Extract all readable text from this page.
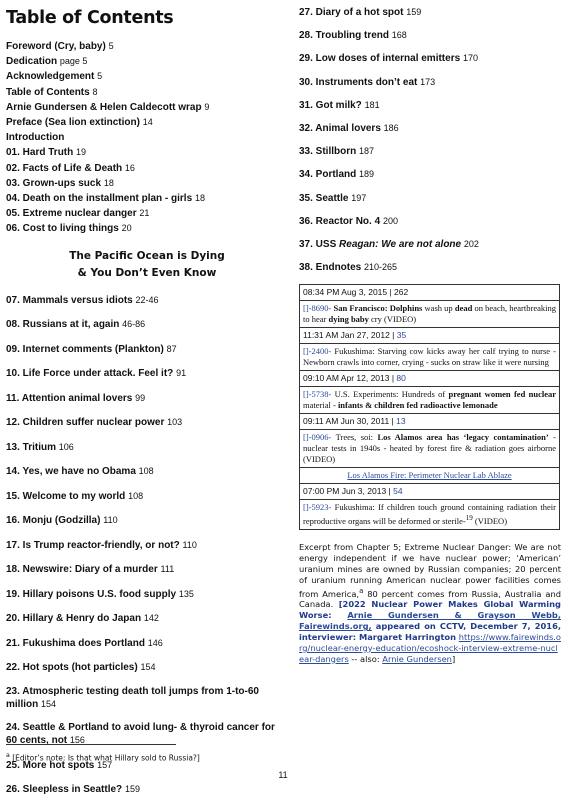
Table of Contents
Foreword (Cry, baby) 5
Dedication page 5
Acknowledgement 5
Table of Contents 8
Arnie Gundersen & Helen Caldecott wrap 9
Preface (Sea lion extinction) 14
Introduction
01. Hard Truth 19
02. Facts of Life & Death 16
03. Grown-ups suck 18
04. Death on the installment plan - girls 18
05. Extreme nuclear danger 21
06. Cost to living things 20
The Pacific Ocean is Dying
& You Don’t Even Know
07. Mammals versus idiots 22-46
08. Russians at it, again 46-86
09. Internet comments (Plankton) 87
10. Life Force under attack. Feel it? 91
11. Attention animal lovers 99
12. Children suffer nuclear power 103
13. Tritium 106
14. Yes, we have no Obama 108
15. Welcome to my world 108
16. Monju (Godzilla) 110
17. Is Trump reactor-friendly, or not? 110
18. Newswire: Diary of a murder 111
19. Hillary poisons U.S. food supply 135
20. Hillary & Henry do Japan 142
21. Fukushima does Portland 146
22. Hot spots (hot particles) 154
23. Atmospheric testing death toll jumps from 1-to-60 million 154
24. Seattle & Portland to avoid lung- & thyroid cancer for 60 cents, not 156
25. More hot spots 157
26. Sleepless in Seattle? 159
27. Diary of a hot spot 159
28. Troubling trend 168
29. Low doses of internal emitters 170
30. Instruments don’t eat 173
31. Got milk? 181
32. Animal lovers 186
33. Stillborn 187
34. Portland 189
35. Seattle 197
36. Reactor No. 4 200
37. USS Reagan: We are not alone 202
38. Endnotes 210-265
08:34 PM Aug 3, 2015 | 262
[]-8690- San Francisco: Dolphins wash up dead on beach, heartbreaking to hear dying baby cry (VIDEO)
11:31 AM Jan 27, 2012 | 35
[]-2400- Fukushima: Starving cow kicks away her calf trying to nurse - Newborn crawls into corner, crying - sucks on straw like it were nursing
09:10 AM Apr 12, 2013 | 80
[]-5738- U.S. Experiments: Hundreds of pregnant women fed nuclear material - infants & children fed radioactive lemonade
09:11 AM Jun 30, 2011 | 13
[]-0906- Trees, soi: Los Alamos area has ‘legacy contamination’ - nuclear tests in 1940s - heated by forest fire & radiation goes airborne (VIDEO)
Los Alamos Fire: Perimeter Nuclear Lab Ablaze
07:00 PM Jun 3, 2013 | 54
[]-5923- Fukushima: If children touch ground containing radiation their reproductive organs will be deformed or sterile-$^{19}$ (VIDEO)
Excerpt from Chapter 5; Extreme Nuclear Danger: We are not energy independent if we have nuclear power; ‘American’ uranium mines are owned by Russian companies; 20 percent of uranium running American nuclear power facilities comes from America,$^a$ 80 percent comes from Russia, Australia and Canada. [2022 Nuclear Power Makes Global Warming Worse: Arnie Gundersen & Grayson Webb, Fairewinds.org, appeared on CCTV, December 7, 2016, interviewer: Margaret Harrington https://www.fairewinds.org/nuclear-energy-education/ecoshock-interview-extreme-nuclear-dangers -- also: Arnie Gundersen]
$^a$ [Editor’s note: Is that what Hillary sold to Russia?]
11
